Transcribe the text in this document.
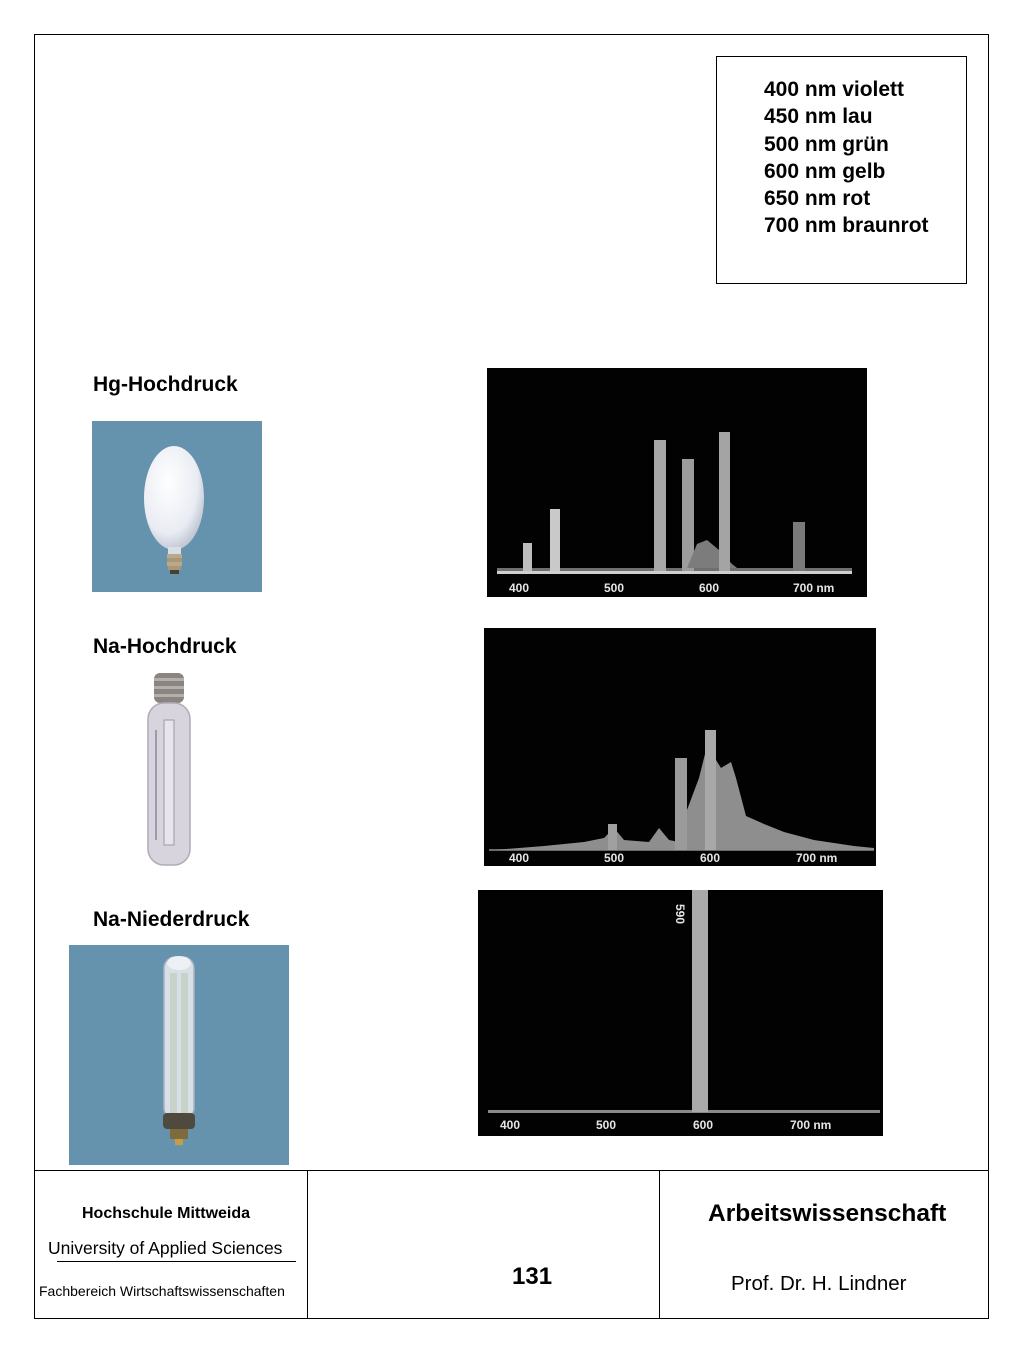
400 nm violett
450 nm lau
500 nm grün
600 nm gelb
650 nm rot
700 nm braunrot
Hg-Hochdruck
400	500	600	700 nm
Na-Hochdruck
400	500	600	700 nm
Na-Niederdruck	590
400	500	600	700 nm
Hochschule Mittweida
University of Applied Sciences
Fachbereich Wirtschaftswissenschaften
131
Arbeitswissenschaft
Prof. Dr. H. Lindner
